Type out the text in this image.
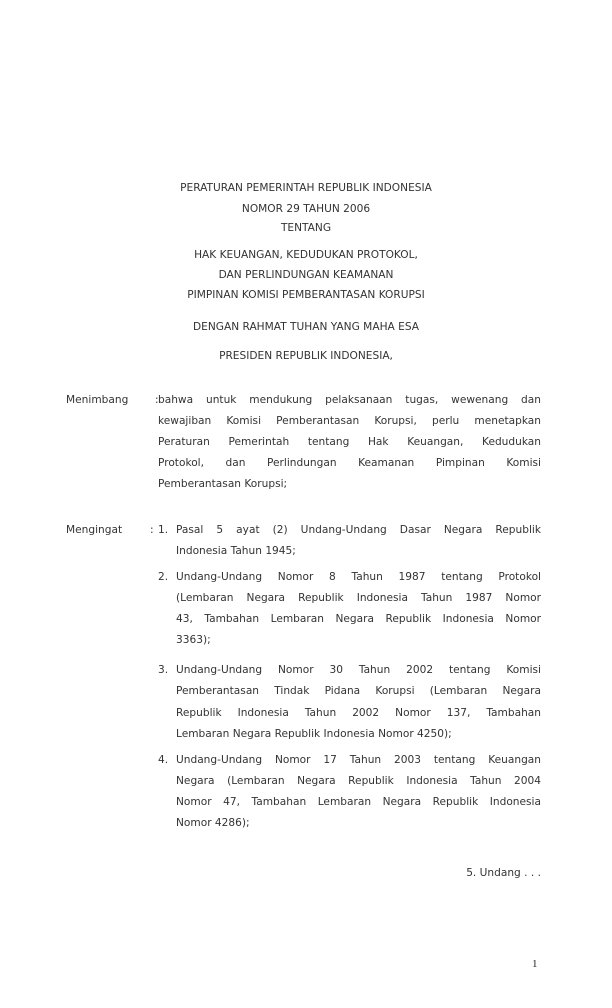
PERATURAN PEMERINTAH REPUBLIK INDONESIA
NOMOR 29 TAHUN 2006
TENTANG
HAK KEUANGAN, KEDUDUKAN PROTOKOL,
DAN PERLINDUNGAN KEAMANAN
PIMPINAN KOMISI PEMBERANTASAN KORUPSI
DENGAN RAHMAT TUHAN YANG MAHA ESA
PRESIDEN REPUBLIK INDONESIA,
Menimbang	: bahwa untuk mendukung pelaksanaan tugas, wewenang dan
kewajiban Komisi Pemberantasan Korupsi, perlu menetapkan
Peraturan Pemerintah tentang Hak Keuangan, Kedudukan
Protokol, dan Perlindungan Keamanan Pimpinan Komisi
Pemberantasan Korupsi;
Mengingat	: 1. Pasal 5 ayat (2) Undang-Undang Dasar Negara Republik
Indonesia Tahun 1945;
2. Undang-Undang Nomor 8 Tahun 1987 tentang Protokol
(Lembaran Negara Republik Indonesia Tahun 1987 Nomor
43, Tambahan Lembaran Negara Republik Indonesia Nomor
3363);
3. Undang-Undang Nomor 30 Tahun 2002 tentang Komisi
Pemberantasan Tindak Pidana Korupsi (Lembaran Negara
Republik Indonesia Tahun 2002 Nomor 137, Tambahan
Lembaran Negara Republik Indonesia Nomor 4250);
4. Undang-Undang Nomor 17 Tahun 2003 tentang Keuangan
Negara (Lembaran Negara Republik Indonesia Tahun 2004
Nomor 47, Tambahan Lembaran Negara Republik Indonesia
Nomor 4286);
5. Undang . . .
1
